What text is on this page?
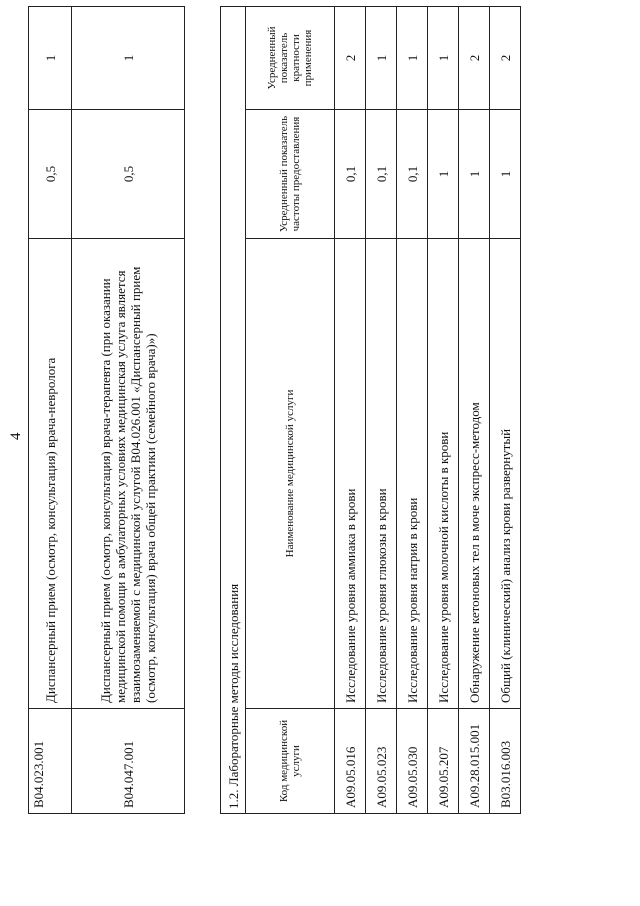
4
B04.023.001	Диспансерный прием (осмотр, консультация) врача-невролога	0,5	1
B04.047.001	Диспансерный прием (осмотр, консультация) врача-терапевта (при оказании медицинской помощи в амбулаторных условиях медицинская услуга является взаимозаменяемой с медицинской услугой B04.026.001 «Диспансерный прием (осмотр, консультация) врача общей практики (семейного врача)»)	0,5	1
1.2. Лабораторные методы исследования			
Код медицинской услуги	Наименование медицинской услуги	Усредненный показатель частоты предоставления	Усредненный показатель кратности применения
A09.05.016	Исследование уровня аммиака в крови	0,1	2
A09.05.023	Исследование уровня глюкозы в крови	0,1	1
A09.05.030	Исследование уровня натрия в крови	0,1	1
A09.05.207	Исследование уровня молочной кислоты в крови	1	1
A09.28.015.001	Обнаружение кетоновых тел в моче экспресс-методом	1	2
B03.016.003	Общий (клинический) анализ крови развернутый	1	2
